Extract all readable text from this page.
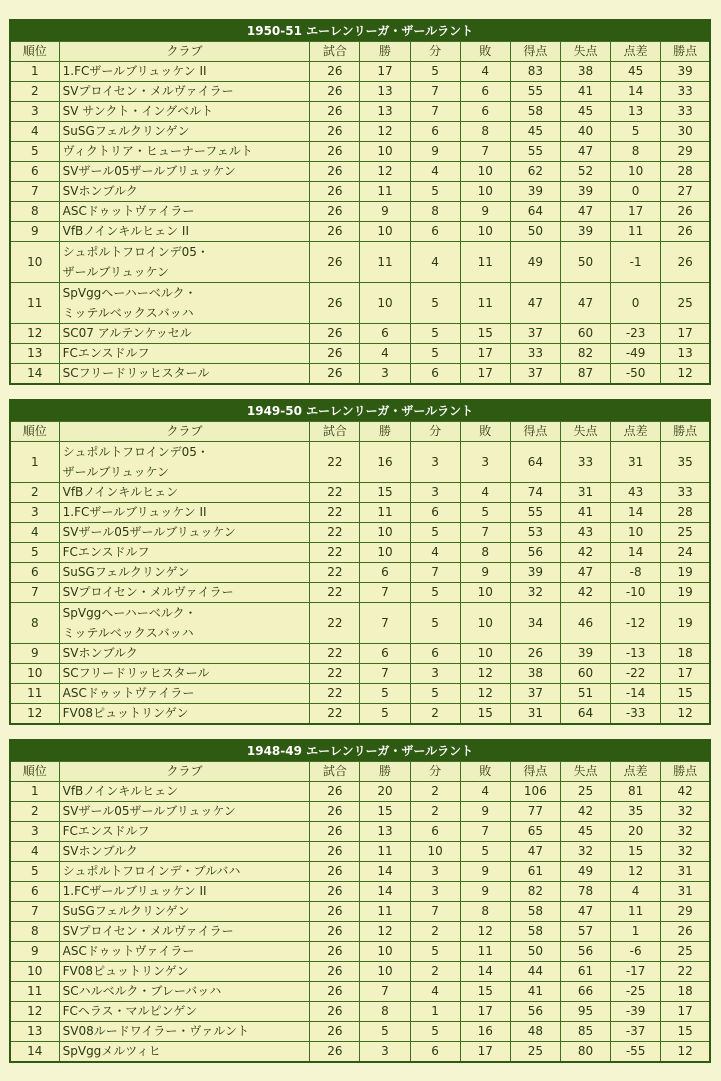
1950-51 エーレンリーガ・ザールラント									
順位	クラブ	試合	勝	分	敗	得点	失点	点差	勝点
1	1.FCザールブリュッケン II	26	17	5	4	83	38	45	39
2	SVプロイセン・メルヴァイラー	26	13	7	6	55	41	14	33
3	SV サンクト・イングベルト	26	13	7	6	58	45	13	33
4	SuSGフェルクリンゲン	26	12	6	8	45	40	5	30
5	ヴィクトリア・ヒューナーフェルト	26	10	9	7	55	47	8	29
6	SVザール05ザールブリュッケン	26	12	4	10	62	52	10	28
7	SVホンブルク	26	11	5	10	39	39	0	27
8	ASCドゥットヴァイラー	26	9	8	9	64	47	17	26
9	VfBノインキルヒェン II	26	10	6	10	50	39	11	26
10	シュポルトフロインデ05・
ザールブリュッケン	26	11	4	11	49	50	-1	26
11	SpVggヘーハーベルク・
ミッテルベックスバッハ	26	10	5	11	47	47	0	25
12	SC07 アルテンケッセル	26	6	5	15	37	60	-23	17
13	FCエンスドルフ	26	4	5	17	33	82	-49	13
14	SCフリードリッヒスタール	26	3	6	17	37	87	-50	12
1949-50 エーレンリーガ・ザールラント									
順位	クラブ	試合	勝	分	敗	得点	失点	点差	勝点
1	シュポルトフロインデ05・
ザールブリュッケン	22	16	3	3	64	33	31	35
2	VfBノインキルヒェン	22	15	3	4	74	31	43	33
3	1.FCザールブリュッケン II	22	11	6	5	55	41	14	28
4	SVザール05ザールブリュッケン	22	10	5	7	53	43	10	25
5	FCエンスドルフ	22	10	4	8	56	42	14	24
6	SuSGフェルクリンゲン	22	6	7	9	39	47	-8	19
7	SVプロイセン・メルヴァイラー	22	7	5	10	32	42	-10	19
8	SpVggヘーハーベルク・
ミッテルベックスバッハ	22	7	5	10	34	46	-12	19
9	SVホンブルク	22	6	6	10	26	39	-13	18
10	SCフリードリッヒスタール	22	7	3	12	38	60	-22	17
11	ASCドゥットヴァイラー	22	5	5	12	37	51	-14	15
12	FV08ピュットリンゲン	22	5	2	15	31	64	-33	12
1948-49 エーレンリーガ・ザールラント									
順位	クラブ	試合	勝	分	敗	得点	失点	点差	勝点
1	VfBノインキルヒェン	26	20	2	4	106	25	81	42
2	SVザール05ザールブリュッケン	26	15	2	9	77	42	35	32
3	FCエンスドルフ	26	13	6	7	65	45	20	32
4	SVホンブルク	26	11	10	5	47	32	15	32
5	シュポルトフロインデ・ブルバハ	26	14	3	9	61	49	12	31
6	1.FCザールブリュッケン II	26	14	3	9	82	78	4	31
7	SuSGフェルクリンゲン	26	11	7	8	58	47	11	29
8	SVプロイセン・メルヴァイラー	26	12	2	12	58	57	1	26
9	ASCドゥットヴァイラー	26	10	5	11	50	56	-6	25
10	FV08ピュットリンゲン	26	10	2	14	44	61	-17	22
11	SCハルベルク・ブレーバッハ	26	7	4	15	41	66	-25	18
12	FCヘラス・マルピンゲン	26	8	1	17	56	95	-39	17
13	SV08ルードワイラー・ヴァルント	26	5	5	16	48	85	-37	15
14	SpVggメルツィヒ	26	3	6	17	25	80	-55	12
